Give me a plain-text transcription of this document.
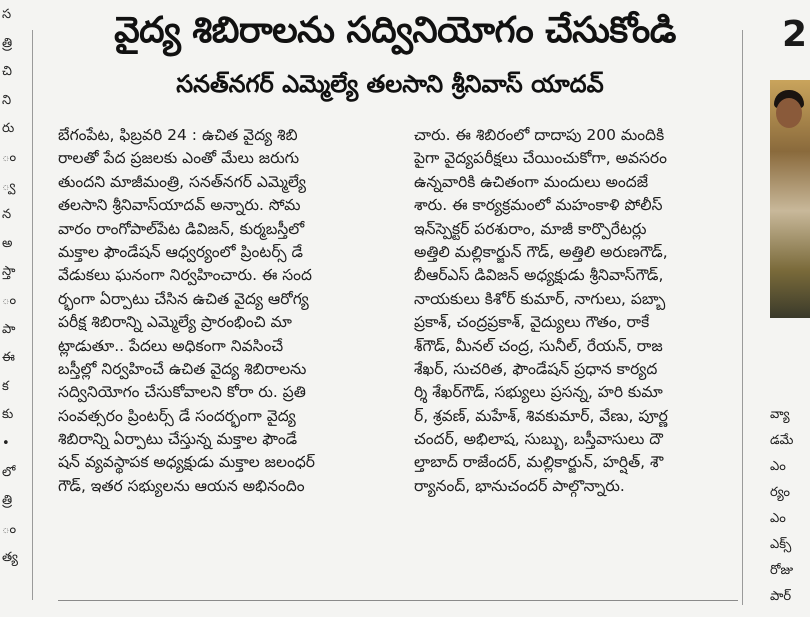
స
త్రి
చి
ని
రు
ం
్వ
న
అ
స్తా
ం
పా
ఈ
క
కు
•
లో
త్రి
ం
త్య
వైద్య శిబిరాలను సద్వినియోగం చేసుకోండి
సనత్‌నగర్ ఎమ్మెల్యే తలసాని శ్రీనివాస్ యాదవ్
బేగంపేట, ఫిబ్రవరి 24 : ఉచిత వైద్య శిబి
రాలతో పేద ప్రజలకు ఎంతో మేలు జరుగు
తుందని మాజీమంత్రి, సనత్‌నగర్ ఎమ్మెల్యే
తలసాని శ్రీనివాస్‌యాదవ్ అన్నారు. సోమ
వారం రాంగోపాల్‌పేట డివిజన్, కుర్మబస్తీలో
మక్తాల ఫౌండేషన్ ఆధ్వర్యంలో ప్రింటర్స్ డే
వేడుకలు ఘనంగా నిర్వహించారు. ఈ సంద
ర్భంగా ఏర్పాటు చేసిన ఉచిత వైద్య ఆరోగ్య
పరీక్ష శిబిరాన్ని ఎమ్మెల్యే ప్రారంభించి మా
ట్లాడుతూ.. పేదలు అధికంగా నివసించే
బస్తీల్లో నిర్వహించే ఉచిత వైద్య శిబిరాలను
సద్వినియోగం చేసుకోవాలని కోరా రు. ప్రతి
సంవత్సరం ప్రింటర్స్ డే సందర్భంగా వైద్య
శిబిరాన్ని ఏర్పాటు చేస్తున్న మక్తాల ఫౌండే
షన్ వ్యవస్థాపక అధ్యక్షుడు మక్తాల జలంధర్
గౌడ్, ఇతర సభ్యులను ఆయన అభినందిం
చారు. ఈ శిబిరంలో దాదాపు 200 మందికి
పైగా వైద్యపరీక్షలు చేయించుకోగా, అవసరం
ఉన్నవారికి ఉచితంగా మందులు అందజే
శారు. ఈ కార్యక్రమంలో మహంకాళి పోలీస్
ఇన్‌స్పెక్టర్ పరశురాం, మాజీ కార్పొరేటర్లు
అత్తిలి మల్లికార్జున్ గౌడ్, అత్తిలి అరుణగౌడ్,
బీఆర్ఎస్ డివిజన్ అధ్యక్షుడు శ్రీనివాస్‌గౌడ్,
నాయకులు కిశోర్ కుమార్, నాగులు, పబ్బా
ప్రకాశ్, చంద్రప్రకాశ్, వైద్యులు గౌతం, రాకే
శ్‌గౌడ్, మీనల్ చంద్ర, సునీల్, రేయన్, రాజ
శేఖర్, సుచరిత, ఫౌండేషన్ ప్రధాన కార్యద
ర్శి శేఖర్‌గౌడ్, సభ్యులు ప్రసన్న, హరి కుమా
ర్, శ్రవణ్, మహేశ్, శివకుమార్, వేణు, పూర్ణ
చందర్, అభిలాష, సుబ్బు, బస్తీవాసులు దౌ
ల్తాబాద్ రాజేందర్, మల్లికార్జున్, హర్షిత్, శౌ
ర్యానంద్, భానుచందర్ పాల్గొన్నారు.
2
వ్యా
డమే
ఎం
ర్యం
ఎం
ఎక్స్
రోజు
పార్
